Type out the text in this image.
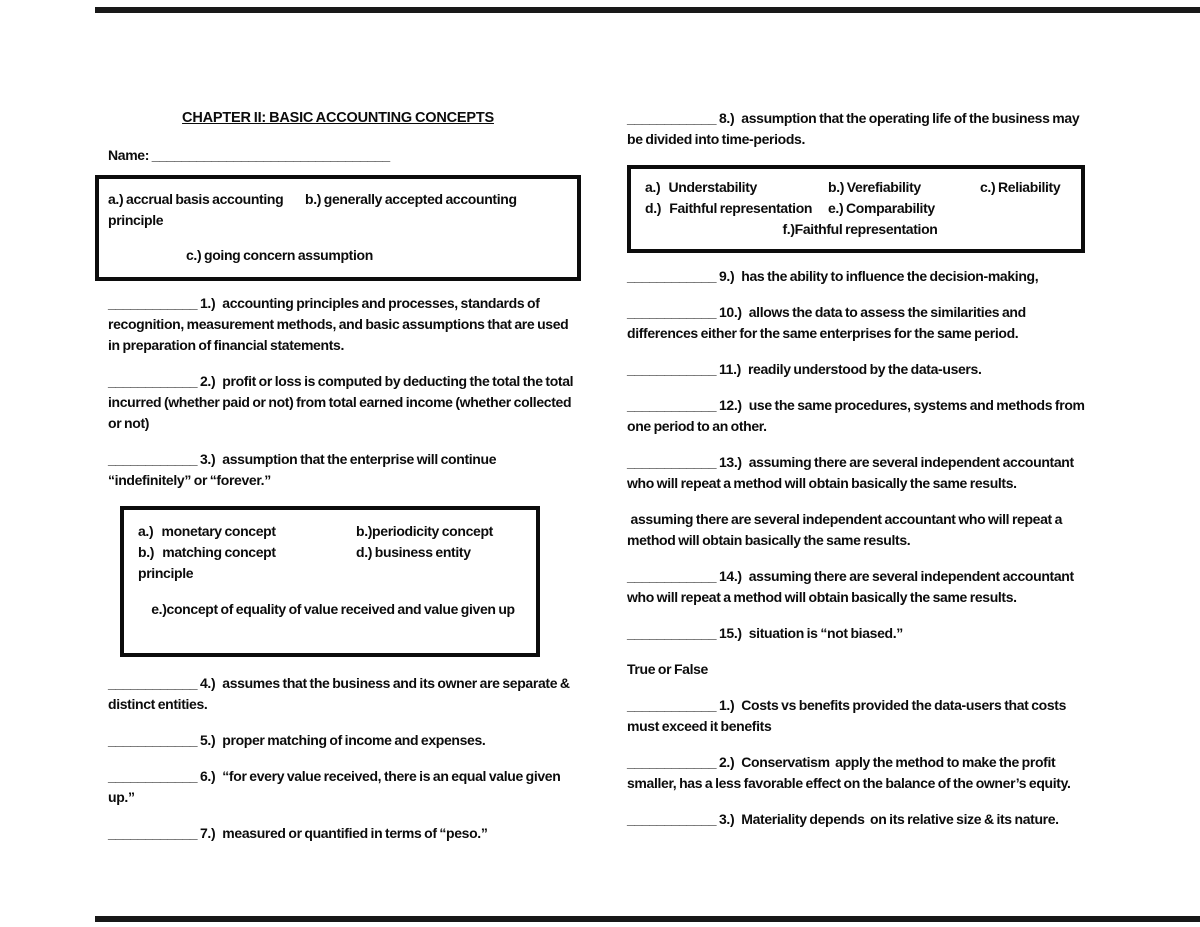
CHAPTER II: BASIC ACCOUNTING CONCEPTS
Name: ________________________________
a.) accrual basis accounting b.) generally accepted accounting principle
c.) going concern assumption

____________ 1.) accounting principles and processes, standards of recognition, measurement methods, and basic assumptions that are used in preparation of financial statements.

____________ 2.) profit or loss is computed by deducting the total the total incurred (whether paid or not) from total earned income (whether collected or not)

____________ 3.) assumption that the enterprise will continue “indefinitely” or “forever.”

a.)   monetary concept	b.)periodicity concept
b.)   matching concept	d.) business entity principle
e.)concept of equality of value received and value given up

____________ 4.) assumes that the business and its owner are separate & distinct entities.

____________ 5.) proper matching of income and expenses.

____________ 6.) “for every value received, there is an equal value given up.”

____________ 7.) measured or quantified in terms of “peso.”

____________ 8.) assumption that the operating life of the business may be divided into time-periods.

a.)   Understability	b.) Verefiability	c.) Reliability
d.)   Faithful representation e.) Comparability
f.)Faithful representation

____________ 9.) has the ability to influence the decision-making,

____________ 10.) allows the data to assess the similarities and differences either for the same enterprises for the same period.

____________ 11.) readily understood by the data-users.

____________ 12.) use the same procedures, systems and methods from one period to an other.

____________ 13.) assuming there are several independent accountant who will repeat a method will obtain basically the same results.

assuming there are several independent accountant who will repeat a method will obtain basically the same results.

____________ 14.) assuming there are several independent accountant who will repeat a method will obtain basically the same results.

____________ 15.) situation is “not biased.”

True or False

____________ 1.) Costs vs benefits provided the data-users that costs must exceed it benefits

____________ 2.) Conservatism  apply the method to make the profit smaller, has a less favorable effect on the balance of the owner’s equity.

____________ 3.) Materiality depends  on its relative size & its nature.
